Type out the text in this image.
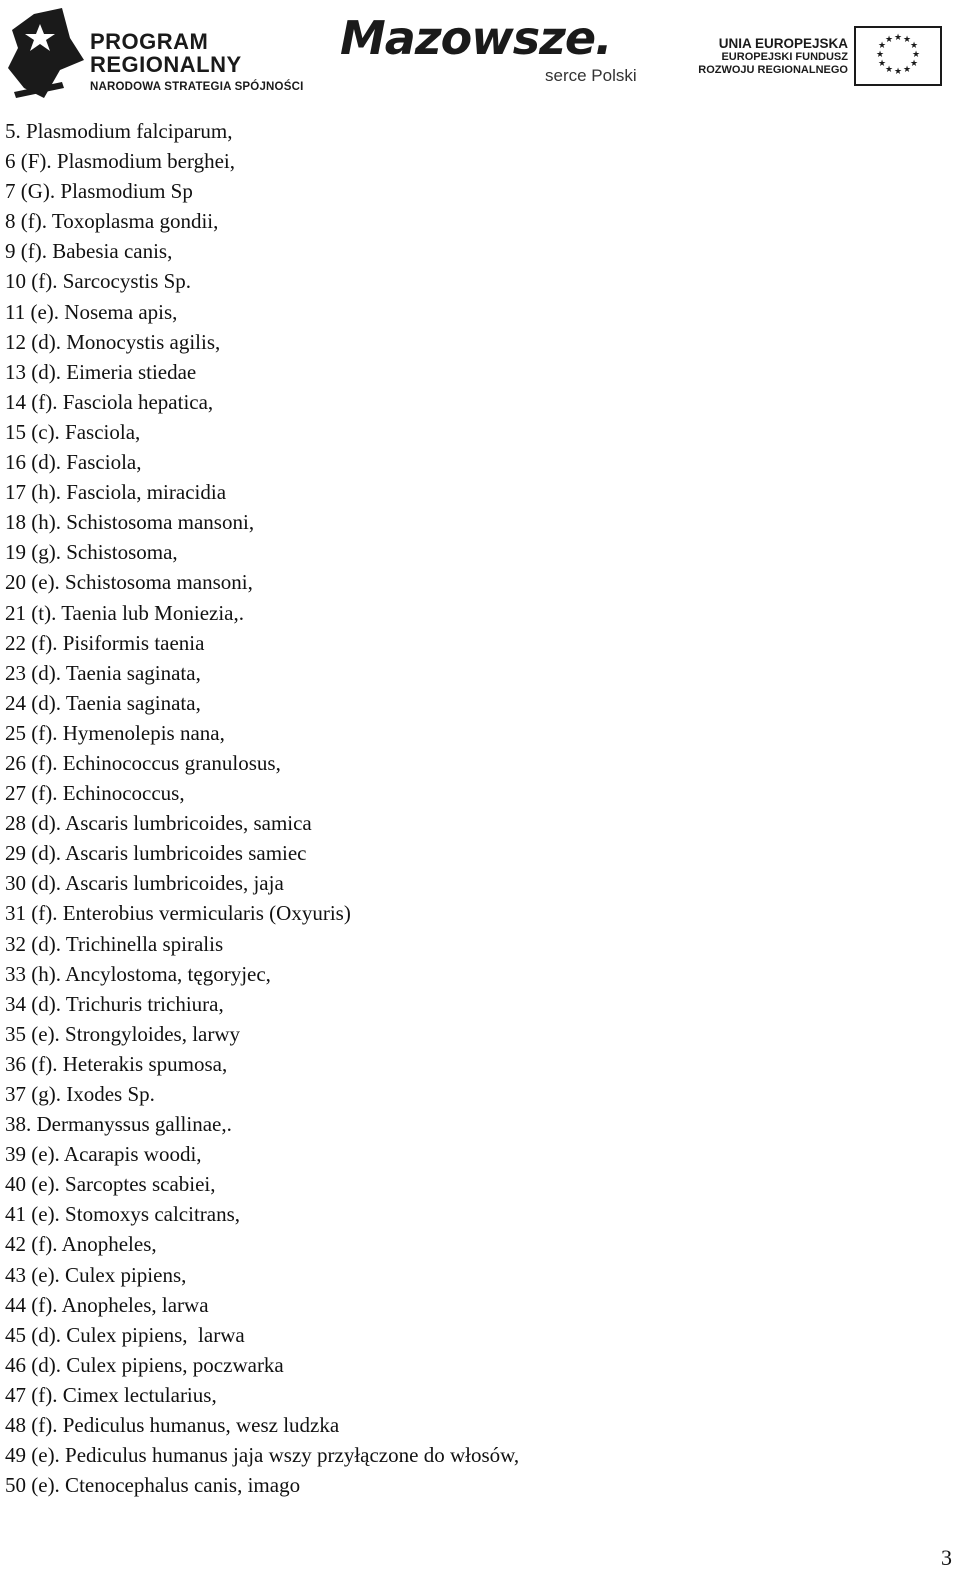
PROGRAM
REGIONALNY
NARODOWA STRATEGIA SPÓJNOŚCI
Mazowsze.
serce Polski
UNIA EUROPEJSKA
EUROPEJSKI FUNDUSZ
ROZWOJU REGIONALNEGO
★ ★
★
★
★
★
★
★
★
★
★
★
5. Plasmodium falciparum,
6 (F). Plasmodium berghei,
7 (G). Plasmodium Sp
8 (f). Toxoplasma gondii,
9 (f). Babesia canis,
10 (f). Sarcocystis Sp.
11 (e). Nosema apis,
12 (d). Monocystis agilis,
13 (d). Eimeria stiedae
14 (f). Fasciola hepatica,
15 (c). Fasciola,
16 (d). Fasciola,
17 (h). Fasciola, miracidia
18 (h). Schistosoma mansoni,
19 (g). Schistosoma,
20 (e). Schistosoma mansoni,
21 (t). Taenia lub Moniezia,.
22 (f). Pisiformis taenia
23 (d). Taenia saginata,
24 (d). Taenia saginata,
25 (f). Hymenolepis nana,
26 (f). Echinococcus granulosus,
27 (f). Echinococcus,
28 (d). Ascaris lumbricoides, samica
29 (d). Ascaris lumbricoides samiec
30 (d). Ascaris lumbricoides, jaja
31 (f). Enterobius vermicularis (Oxyuris)
32 (d). Trichinella spiralis
33 (h). Ancylostoma, tęgoryjec,
34 (d). Trichuris trichiura,
35 (e). Strongyloides, larwy
36 (f). Heterakis spumosa,
37 (g). Ixodes Sp.
38. Dermanyssus gallinae,.
39 (e). Acarapis woodi,
40 (e). Sarcoptes scabiei,
41 (e). Stomoxys calcitrans,
42 (f). Anopheles,
43 (e). Culex pipiens,
44 (f). Anopheles, larwa
45 (d). Culex pipiens,  larwa
46 (d). Culex pipiens, poczwarka
47 (f). Cimex lectularius,
48 (f). Pediculus humanus, wesz ludzka
49 (e). Pediculus humanus jaja wszy przyłączone do włosów,
50 (e). Ctenocephalus canis, imago
3
